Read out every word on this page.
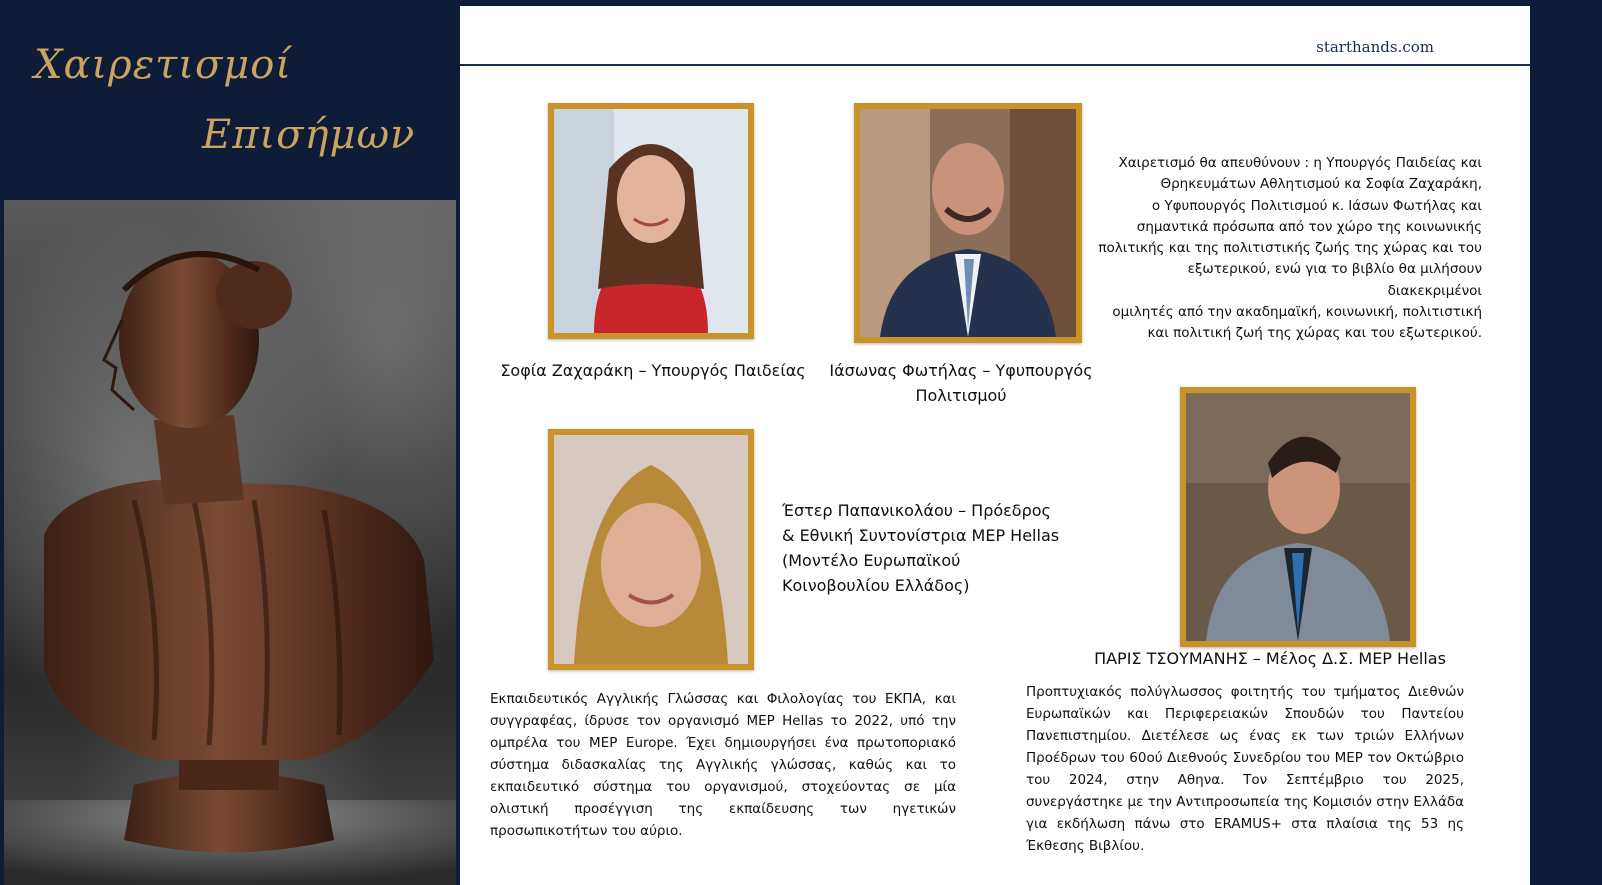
Χαιρετισμοί
Επισήμων
starthands.com
Σοφία Ζαχαράκη – Υπουργός Παιδείας	Ιάσωνας Φωτήλας – Υφυπουργός
Πολιτισμού
Χαιρετισμό θα απευθύνουν : η Υπουργός Παιδείας και
Θρηκευμάτων Αθλητισμού κα Σοφία Ζαχαράκη,
ο Υφυπουργός Πολιτισμού κ. Ιάσων Φωτήλας και
σημαντικά πρόσωπα από τον χώρο της κοινωνικής
πολιτικής και της πολιτιστικής ζωής της χώρας και του
εξωτερικού, ενώ για το βιβλίο θα μιλήσουν διακεκριμένοι
ομιλητές από την ακαδημαϊκή, κοινωνική, πολιτιστική
και πολιτική ζωή της χώρας και του εξωτερικού.
Έστερ Παπανικολάου – Πρόεδρος
& Εθνική Συντονίστρια MEP Hellas
(Μοντέλο Ευρωπαϊκού
Κοινοβουλίου Ελλάδος)
ΠΑΡΙΣ ΤΣΟΥΜΑΝΗΣ – Μέλος Δ.Σ. MEP Hellas
Εκπαιδευτικός Αγγλικής Γλώσσας και Φιλολογίας του ΕΚΠΑ, και συγγραφέας, ίδρυσε τον οργανισμό MEP Hellas το 2022, υπό την ομπρέλα του MEP Europe. Έχει δημιουργήσει ένα πρωτοποριακό σύστημα διδασκαλίας της Αγγλικής γλώσσας, καθώς και το εκπαιδευτικό σύστημα του οργανισμού, στοχεύοντας σε μία ολιστική προσέγγιση της εκπαίδευσης των ηγετικών προσωπικοτήτων του αύριο.
Προπτυχιακός πολύγλωσσος φοιτητής του τμήματος Διεθνών Ευρωπαϊκών και Περιφερειακών Σπουδών του Παντείου Πανεπιστημίου. Διετέλεσε ως ένας εκ των τριών Ελλήνων Προέδρων του 60ού Διεθνούς Συνεδρίου του MEP τον Οκτώβριο του 2024, στην Αθηνα. Τον Σεπτέμβριο του 2025, συνεργάστηκε με την Αντιπροσωπεία της Κομισιόν στην Ελλάδα για εκδήλωση πάνω στο ERAMUS+ στα πλαίσια της 53 ης Έκθεσης Βιβλίου.
